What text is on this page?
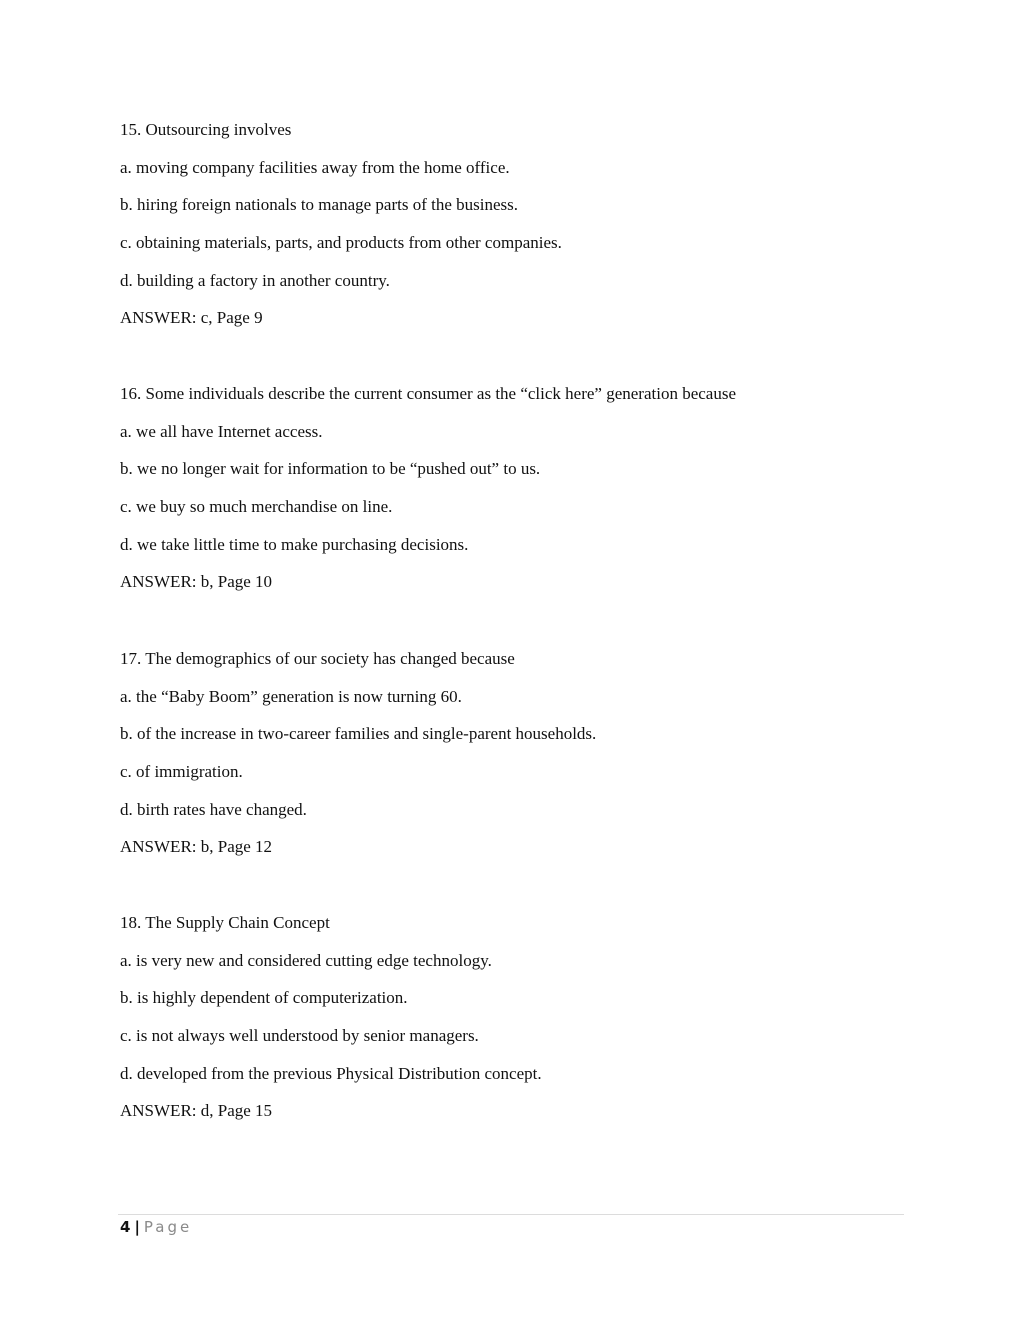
15. Outsourcing involves
a. moving company facilities away from the home office.
b. hiring foreign nationals to manage parts of the business.
c. obtaining materials, parts, and products from other companies.
d. building a factory in another country.
ANSWER: c, Page 9
16. Some individuals describe the current consumer as the “click here” generation because
a. we all have Internet access.
b. we no longer wait for information to be “pushed out” to us.
c. we buy so much merchandise on line.
d. we take little time to make purchasing decisions.
ANSWER: b, Page 10
17. The demographics of our society has changed because
a. the “Baby Boom” generation is now turning 60.
b. of the increase in two-career families and single-parent households.
c. of immigration.
d. birth rates have changed.
ANSWER: b, Page 12
18. The Supply Chain Concept
a. is very new and considered cutting edge technology.
b. is highly dependent of computerization.
c. is not always well understood by senior managers.
d. developed from the previous Physical Distribution concept.
ANSWER: d, Page 15
4 | Page
